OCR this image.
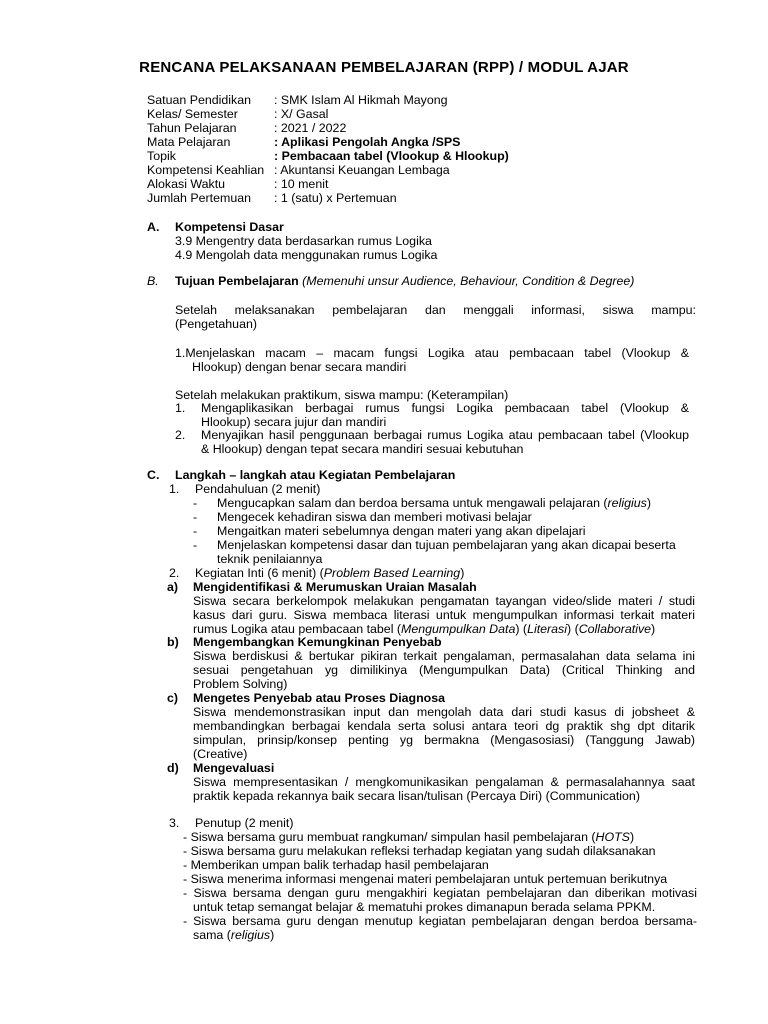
RENCANA PELAKSANAAN PEMBELAJARAN (RPP) / MODUL AJAR
Satuan Pendidikan : SMK Islam Al Hikmah Mayong
Kelas/ Semester	: X/ Gasal
Tahun Pelajaran	: 2021 / 2022
Mata Pelajaran	: Aplikasi Pengolah Angka /SPS
Topik	: Pembacaan tabel (Vlookup & Hlookup)
Kompetensi Keahlian : Akuntansi Keuangan Lembaga
Alokasi Waktu	: 10 menit
Jumlah Pertemuan : 1 (satu) x Pertemuan
A. Kompetensi Dasar
3.9 Mengentry data berdasarkan rumus Logika
4.9 Mengolah data menggunakan rumus Logika
B. Tujuan Pembelajaran (Memenuhi unsur Audience, Behaviour, Condition & Degree)
Setelah melaksanakan pembelajaran dan menggali informasi, siswa mampu:
(Pengetahuan)
1.Menjelaskan macam – macam fungsi Logika atau pembacaan tabel (Vlookup &
Hlookup) dengan benar secara mandiri
Setelah melakukan praktikum, siswa mampu: (Keterampilan)
1. Mengaplikasikan berbagai rumus fungsi Logika pembacaan tabel (Vlookup &
Hlookup) secara jujur dan mandiri
2. Menyajikan hasil penggunaan berbagai rumus Logika atau pembacaan tabel (Vlookup
& Hlookup) dengan tepat secara mandiri sesuai kebutuhan
C. Langkah – langkah atau Kegiatan Pembelajaran
1. Pendahuluan (2 menit)
- Mengucapkan salam dan berdoa bersama untuk mengawali pelajaran (religius)
- Mengecek kehadiran siswa dan memberi motivasi belajar
- Mengaitkan materi sebelumnya dengan materi yang akan dipelajari
- Menjelaskan kompetensi dasar dan tujuan pembelajaran yang akan dicapai beserta
teknik penilaiannya
2. Kegiatan Inti (6 menit) (Problem Based Learning)
a) Mengidentifikasi & Merumuskan Uraian Masalah
Siswa secara berkelompok melakukan pengamatan tayangan video/slide materi / studi
kasus dari guru. Siswa membaca literasi untuk mengumpulkan informasi terkait materi
rumus Logika atau pembacaan tabel (Mengumpulkan Data) (Literasi) (Collaborative)
b) Mengembangkan Kemungkinan Penyebab
Siswa berdiskusi & bertukar pikiran terkait pengalaman, permasalahan data selama ini
sesuai pengetahuan yg dimilikinya (Mengumpulkan Data) (Critical Thinking and
Problem Solving)
c) Mengetes Penyebab atau Proses Diagnosa
Siswa mendemonstrasikan input dan mengolah data dari studi kasus di jobsheet &
membandingkan berbagai kendala serta solusi antara teori dg praktik shg dpt ditarik
simpulan, prinsip/konsep penting yg bermakna (Mengasosiasi) (Tanggung Jawab)
(Creative)
d) Mengevaluasi
Siswa mempresentasikan / mengkomunikasikan pengalaman & permasalahannya saat
praktik kepada rekannya baik secara lisan/tulisan (Percaya Diri) (Communication)
3. Penutup (2 menit)
- Siswa bersama guru membuat rangkuman/ simpulan hasil pembelajaran (HOTS)
- Siswa bersama guru melakukan refleksi terhadap kegiatan yang sudah dilaksanakan
- Memberikan umpan balik terhadap hasil pembelajaran
- Siswa menerima informasi mengenai materi pembelajaran untuk pertemuan berikutnya
- Siswa bersama dengan guru mengakhiri kegiatan pembelajaran dan diberikan motivasi
untuk tetap semangat belajar & mematuhi prokes dimanapun berada selama PPKM.
- Siswa bersama guru dengan menutup kegiatan pembelajaran dengan berdoa bersama-
sama (religius)
